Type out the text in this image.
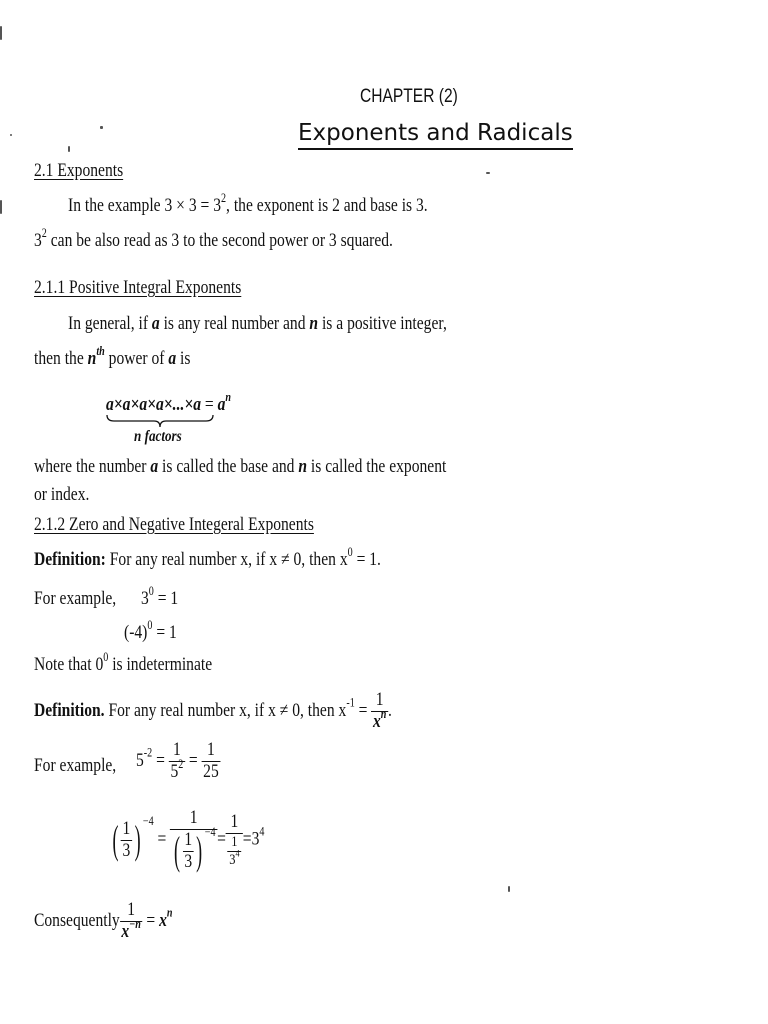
CHAPTER (2)
Exponents and Radicals
2.1 Exponents
In the example $3 \times 3 = 3^2$, the exponent is 2 and base is 3.
$3^2$ can be also read as 3 to the second power or 3 squared.
2.1.1 Positive Integral Exponents
In general, if a is any real number and n is a positive integer,
then the $n^{th}$ power of a is
$a\times a\times a\times a\times...\times a = a^n$
n factors
where the number a is called the base and n is called the exponent
or index.
2.1.2 Zero and Negative Integeral Exponents
Definition: For any real number x, if x ≠ 0, then $x^0 = 1$.
For example, $3^0 = 1$
$(-4)^0 = 1$
Note that $0^0$ is indeterminate
Definition. For any real number x, if x ≠ 0, then $x^{-1} = \frac{1}{x^n}$ .
For example, $5^{-2} = \frac{1}{5^2} = \frac{1}{25}$
( $\frac{1}{3}$ ) $^{-4} = \frac{1}{( \frac{1}{3} ) ^{-4}} = \frac{1}{\frac{1}{3^4}} =3^4$
Consequently $\frac{1}{x^{-n}} = x^n$
